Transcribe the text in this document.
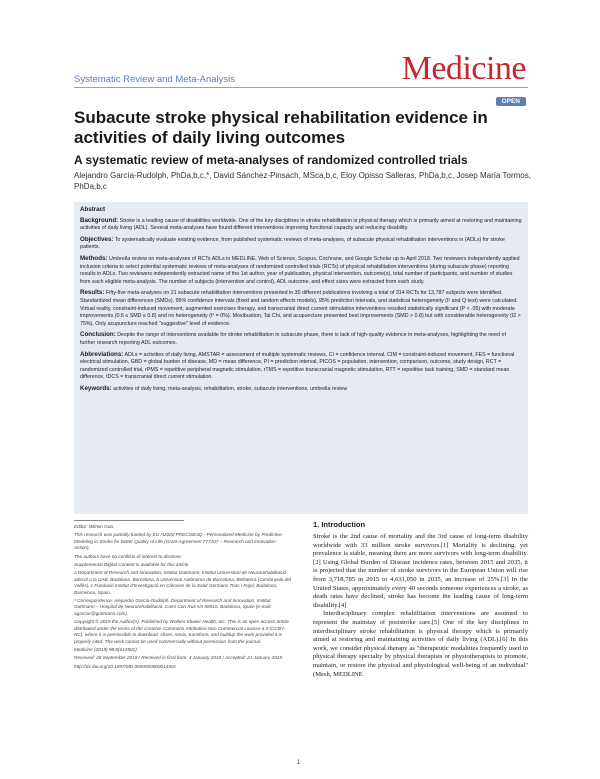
Systematic Review and Meta-Analysis	Medicine
OPEN
Subacute stroke physical rehabilitation evidence in activities of daily living outcomes
A systematic review of meta-analyses of randomized controlled trials
Alejandro García-Rudolph, PhDa,b,c,*, David Sánchez-Pinsach, MSca,b,c, Eloy Opisso Salleras, PhDa,b,c, Josep María Tormos, PhDa,b,c

Abstract

Background: Stroke is a leading cause of disabilities worldwide. One of the key disciplines in stroke rehabilitation is physical therapy which is primarily aimed at restoring and maintaining activities of daily living (ADL). Several meta-analyses have found different interventions improving functional capacity and reducing disability.

Objectives: To systematically evaluate existing evidence, from published systematic reviews of meta-analyses, of subacute physical rehabilitation interventions in (ADLs) for stroke patients.

Methods: Umbrella review on meta-analyses of RCTs ADLs in MEDLINE, Web of Science, Scopus, Cochrane, and Google Scholar up to April 2018. Two reviewers independently applied inclusion criteria to select potential systematic reviews of meta-analyses of randomized controlled trials (RCTs) of physical rehabilitation interventions (during subacute phase) reporting results in ADLs. Two reviewers independently extracted name of the 1st author, year of publication, physical intervention, outcome(s), total number of participants, and number of studies from each eligible meta-analysis. The number of subjects (intervention and control), ADL outcome, and effect sizes were extracted from each study.

Results: Fifty-five meta-analyses on 21 subacute rehabilitation interventions presented in 30 different publications involving a total of 314 RCTs for 13,787 subjects were identified. Standardized mean differences (SMDs), 95% confidence intervals (fixed and random effects models), 95% prediction intervals, and statistical heterogeneity (I² and Q test) were calculated. Virtual reality, constraint-induced movement, augmented exercises therapy, and transcranial direct current stimulation interventions resulted statistically significant (P < .05) with moderate improvements (0.5 ≤ SMD ≤ 0.8) and no heterogeneity (I² = 0%). Moxibustion, Tai Chi, and acupuncture presented best improvements (SMD > 0.8) but with considerable heterogeneity (I2 > 75%). Only acupuncture reached "suggestive" level of evidence.

Conclusion: Despite the range of interventions available for stroke rehabilitation in subacute phase, there is lack of high-quality evidence in meta-analyses, highlighting the need of further research reporting ADL outcomes.

Abbreviations: ADLs = activities of daily living, AMSTAR = assessment of multiple systematic reviews, CI = confidence interval, CIM = constraint-induced movement, FES = functional electrical stimulation, GBD = global burden of disease, MD = mean difference, PI = prediction interval, PICOS = population, intervention, comparison, outcome, study design, RCT = randomized controlled trial, rPMS = repetitive peripheral magnetic stimulation, rTMS = repetitive transcranial magnetic stimulation, RTT = repetitive task training, SMD = standard mean difference, tDCS = transcranial direct current stimulation.

Keywords: activities of daily living, meta-analysis, rehabilitation, stroke, subacute interventions, umbrella review

Editor: Wilmin Guo.

This research was partially funded by EU H2020 PRECISE4Q - Personalized Medicine by Predictive Modeling in Stroke for better Quality of Life (Grant Agreement 777107 – Research and Innovation Action).

The authors have no conflicts of interest to disclose.

Supplemental Digital Content is available for this article.

a Department of Research and Innovation, Institut Guttmann, Institut Universitari de Neurorehabilitació adscrit a la UAB, Badalona, Barcelona, b Universitat Autònoma de Barcelona, Bellaterra (Cerdanyola del Vallès), c Fundació Institut d'Investigació en Ciències de la Salut Germans Trias i Pujol, Badalona, Barcelona, Spain.

* Correspondence: Alejandro García-Rudolph, Department of Research and Innovation, Institut Guttmann – Hospital de Neurorehabilitació, Camí Can Ruti s/n 08916, Badalona, Spain (e-mail: agarciar@guttmann.com).

Copyright © 2019 the Author(s). Published by Wolters Kluwer Health, Inc. This is an open access article distributed under the terms of the Creative Commons Attribution-Non Commercial License 4.0 (CCBY-NC), where it is permissible to download, share, remix, transform, and buildup the work provided it is properly cited. The work cannot be used commercially without permission from the journal.

Medicine (2019) 98:8(e14501)

Received: 28 September 2018 / Received in final form: 4 January 2019 / Accepted: 21 January 2019

http://dx.doi.org/10.1097/MD.0000000000014501

1. Introduction

Stroke is the 2nd cause of mortality and the 3rd cause of long-term disability worldwide with 33 million stroke survivors.[1] Mortality is declining, yet prevalence is stable, meaning there are more survivors with long-term disability.[2] Using Global Burden of Disease incidence rates, between 2015 and 2035, it is projected that the number of stroke survivors in the European Union will rise from 3,718,785 in 2015 to 4,631,050 in 2035, an increase of 25%.[3] In the United States, approximately every 40 seconds someone experiences a stroke, as death rates have declined, stroke has become the leading cause of long-term disability.[4]

Interdisciplinary complex rehabilitation interventions are assumed to represent the mainstay of poststroke care.[5] One of the key disciplines in interdisciplinary stroke rehabilitation is physical therapy which is primarily aimed at restoring and maintaining activities of daily living (ADL).[6] In this work, we consider physical therapy as "therapeutic modalities frequently used in physical therapy specialty by physical therapists or physiotherapists to promote, maintain, or restore the physical and physiological well-being of an individual" (Mesh, MEDLINE

1
